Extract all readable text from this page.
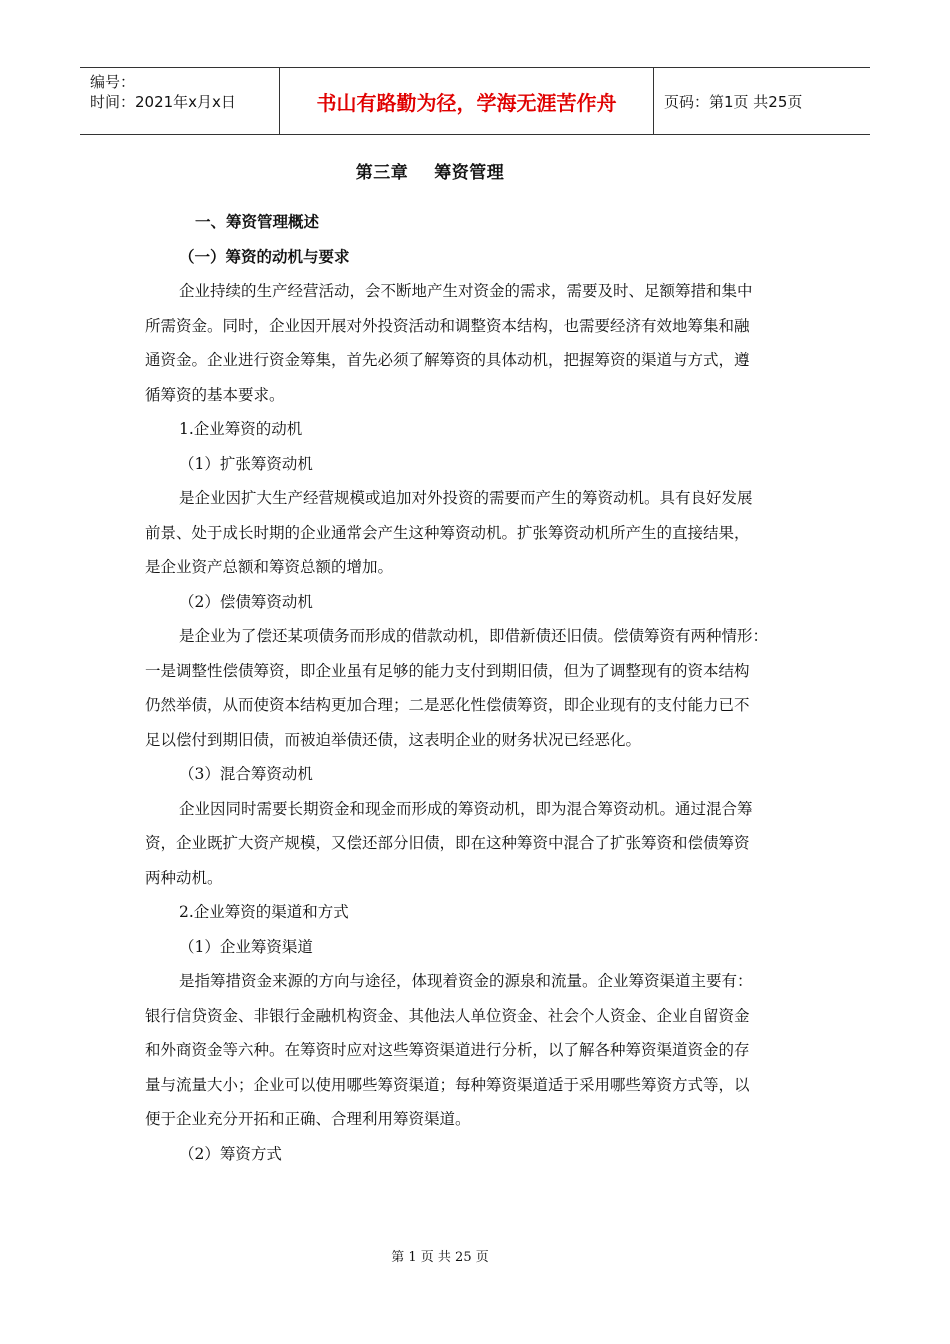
编号：
时间：2021年x月x日	书山有路勤为径，学海无涯苦作舟	页码：第1页 共25页
第三章 筹资管理
一、筹资管理概述
（一）筹资的动机与要求
企业持续的生产经营活动，会不断地产生对资金的需求，需要及时、足额筹措和集中
所需资金。同时，企业因开展对外投资活动和调整资本结构，也需要经济有效地筹集和融
通资金。企业进行资金筹集，首先必须了解筹资的具体动机，把握筹资的渠道与方式，遵
循筹资的基本要求。
1.企业筹资的动机
（1）扩张筹资动机
是企业因扩大生产经营规模或追加对外投资的需要而产生的筹资动机。具有良好发展
前景、处于成长时期的企业通常会产生这种筹资动机。扩张筹资动机所产生的直接结果，
是企业资产总额和筹资总额的增加。
（2）偿债筹资动机
是企业为了偿还某项债务而形成的借款动机，即借新债还旧债。偿债筹资有两种情形：
一是调整性偿债筹资，即企业虽有足够的能力支付到期旧债，但为了调整现有的资本结构
仍然举债，从而使资本结构更加合理；二是恶化性偿债筹资，即企业现有的支付能力已不
足以偿付到期旧债，而被迫举债还债，这表明企业的财务状况已经恶化。
（3）混合筹资动机
企业因同时需要长期资金和现金而形成的筹资动机，即为混合筹资动机。通过混合筹
资，企业既扩大资产规模，又偿还部分旧债，即在这种筹资中混合了扩张筹资和偿债筹资
两种动机。
2.企业筹资的渠道和方式
（1）企业筹资渠道
是指筹措资金来源的方向与途径，体现着资金的源泉和流量。企业筹资渠道主要有：
银行信贷资金、非银行金融机构资金、其他法人单位资金、社会个人资金、企业自留资金
和外商资金等六种。在筹资时应对这些筹资渠道进行分析，以了解各种筹资渠道资金的存
量与流量大小；企业可以使用哪些筹资渠道；每种筹资渠道适于采用哪些筹资方式等，以
便于企业充分开拓和正确、合理利用筹资渠道。
（2）筹资方式
第 1 页 共 25 页
